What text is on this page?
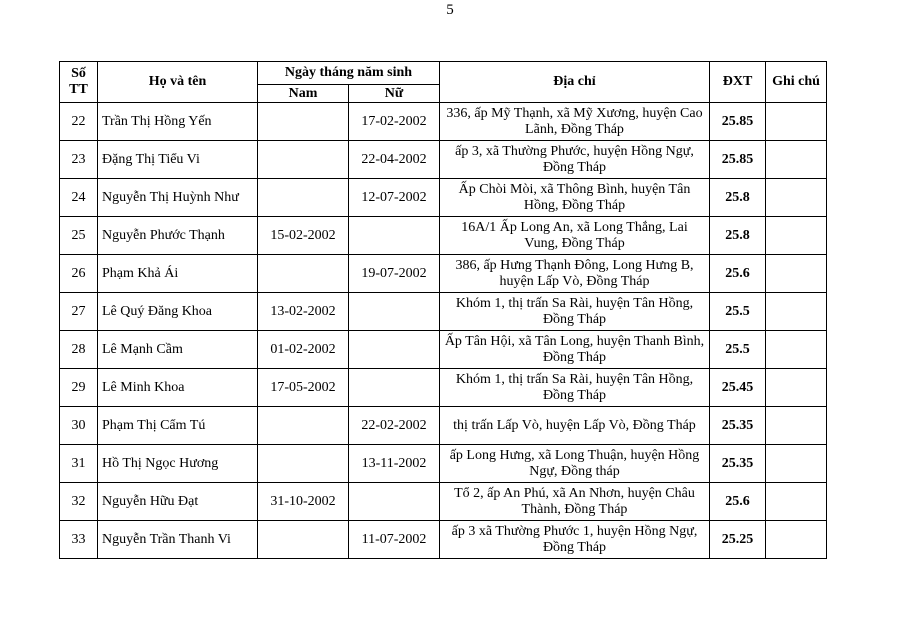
5
Số TT	Họ và tên	Ngày tháng năm sinh		Địa chỉ	ĐXT	Ghi chú
		Nam	Nữ			
22	Trần Thị Hồng Yến		17-02-2002	336, ấp Mỹ Thạnh, xã Mỹ Xương, huyện Cao Lãnh, Đồng Tháp	25.85	
23	Đặng Thị Tiểu Vi		22-04-2002	ấp 3, xã Thường Phước, huyện Hồng Ngự, Đồng Tháp	25.85	
24	Nguyễn Thị Huỳnh Như		12-07-2002	Ấp Chòi Mòi, xã Thông Bình, huyện Tân Hồng, Đồng Tháp	25.8	
25	Nguyễn Phước Thạnh	15-02-2002		16A/1 Ấp Long An, xã Long Thắng, Lai Vung, Đồng Tháp	25.8	
26	Phạm Khả Ái		19-07-2002	386, ấp Hưng Thạnh Đông, Long Hưng B, huyện Lấp Vò, Đồng Tháp	25.6	
27	Lê Quý Đăng Khoa	13-02-2002		Khóm 1, thị trấn Sa Rài, huyện Tân Hồng, Đồng Tháp	25.5	
28	Lê Mạnh Cầm	01-02-2002		Ấp Tân Hội, xã Tân Long, huyện Thanh Bình, Đồng Tháp	25.5	
29	Lê Minh Khoa	17-05-2002		Khóm 1, thị trấn Sa Rài, huyện Tân Hồng, Đồng Tháp	25.45	
30	Phạm Thị Cẩm Tú		22-02-2002	thị trấn Lấp Vò, huyện Lấp Vò, Đồng Tháp	25.35	
31	Hồ Thị Ngọc Hương		13-11-2002	ấp Long Hưng, xã Long Thuận, huyện Hồng Ngự, Đồng tháp	25.35	
32	Nguyễn Hữu Đạt	31-10-2002		Tổ 2, ấp An Phú, xã An Nhơn, huyện Châu Thành, Đồng Tháp	25.6	
33	Nguyễn Trần Thanh Vi		11-07-2002	ấp 3 xã Thường Phước 1, huyện Hồng Ngự, Đồng Tháp	25.25	
